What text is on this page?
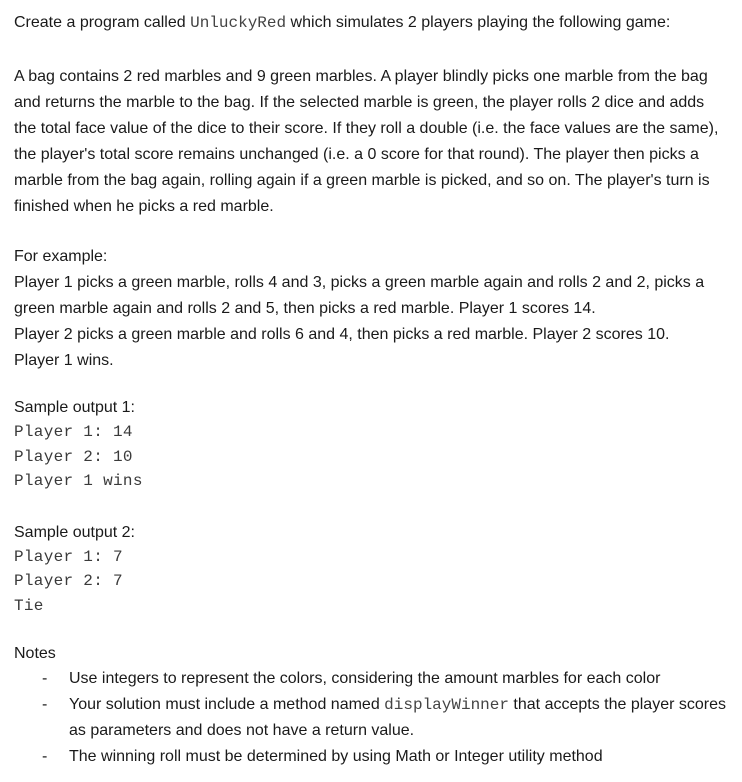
Create a program called UnluckyRed which simulates 2 players playing the following game:

A bag contains 2 red marbles and 9 green marbles. A player blindly picks one marble from the bag and returns the marble to the bag. If the selected marble is green, the player rolls 2 dice and adds the total face value of the dice to their score. If they roll a double (i.e. the face values are the same), the player's total score remains unchanged (i.e. a 0 score for that round). The player then picks a marble from the bag again, rolling again if a green marble is picked, and so on. The player's turn is finished when he picks a red marble.

For example:

Player 1 picks a green marble, rolls 4 and 3, picks a green marble again and rolls 2 and 2, picks a green marble again and rolls 2 and 5, then picks a red marble. Player 1 scores 14.

Player 2 picks a green marble and rolls 6 and 4, then picks a red marble. Player 2 scores 10.

Player 1 wins.

Sample output 1:

Player 1: 14

Player 2: 10

Player 1 wins

Sample output 2:

Player 1: 7

Player 2: 7

Tie

Notes

- Use integers to represent the colors, considering the amount marbles for each color
- Your solution must include a method named displayWinner that accepts the player scores as parameters and does not have a return value.
- The winning roll must be determined by using Math or Integer utility method
